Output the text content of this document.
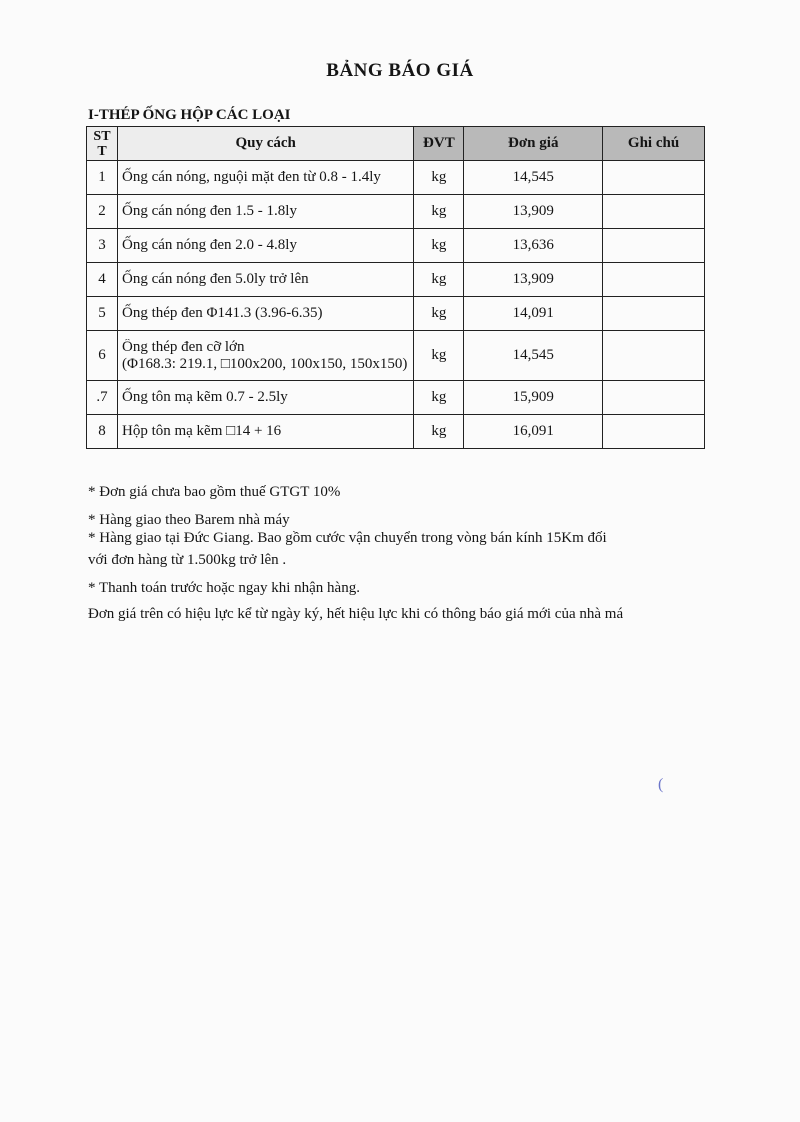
BẢNG BÁO GIÁ
I-THÉP ỐNG HỘP CÁC LOẠI
ST
T	Quy cách	ĐVT	Đơn giá	Ghi chú
1	Ống cán nóng, nguội mặt đen từ 0.8 - 1.4ly	kg	14,545	
2	Ống cán nóng đen 1.5 - 1.8ly	kg	13,909	
3	Ống cán nóng đen 2.0 - 4.8ly	kg	13,636	
4	Ống cán nóng đen 5.0ly trở lên	kg	13,909	
5	Ống thép đen Φ141.3 (3.96-6.35)	kg	14,091	
6	Ống thép đen cỡ lớn
(Φ168.3: 219.1, □100x200, 100x150, 150x150)	kg	14,545	
.7	Ống tôn mạ kẽm 0.7 - 2.5ly	kg	15,909	
8	Hộp tôn mạ kẽm □14 + 16	kg	16,091	
* Đơn giá chưa bao gồm thuế GTGT 10%
* Hàng giao theo Barem nhà máy
* Hàng giao tại Đức Giang. Bao gồm cước vận chuyển trong vòng bán kính 15Km đối
với đơn hàng từ 1.500kg trở lên .
* Thanh toán trước hoặc ngay khi nhận hàng.
Đơn giá trên có hiệu lực kể từ ngày ký, hết hiệu lực khi có thông báo giá mới của nhà má
(
